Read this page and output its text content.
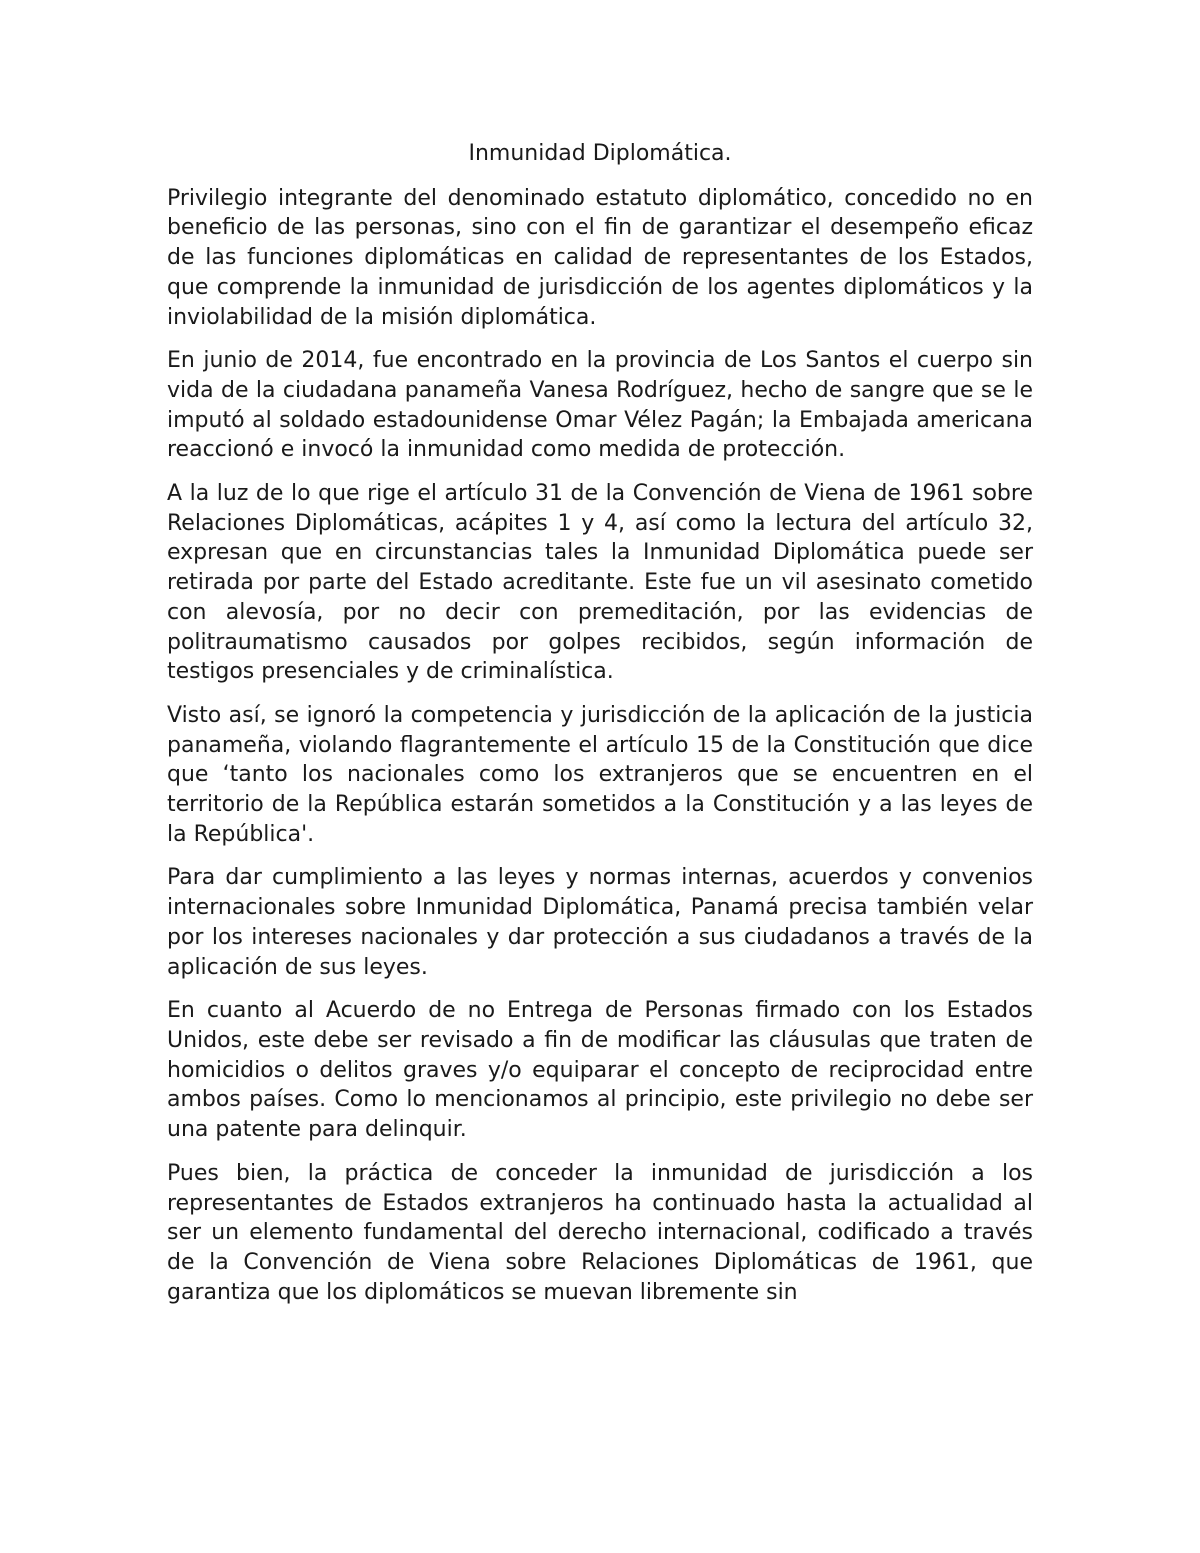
Inmunidad Diplomática.

Privilegio integrante del denominado estatuto diplomático, concedido no en beneficio de las personas, sino con el fin de garantizar el desempeño eficaz de las funciones diplomáticas en calidad de representantes de los Estados, que comprende la inmunidad de jurisdicción de los agentes diplomáticos y la inviolabilidad de la misión diplomática.

En junio de 2014, fue encontrado en la provincia de Los Santos el cuerpo sin vida de la ciudadana panameña Vanesa Rodríguez, hecho de sangre que se le imputó al soldado estadounidense Omar Vélez Pagán; la Embajada americana reaccionó e invocó la inmunidad como medida de protección.

A la luz de lo que rige el artículo 31 de la Convención de Viena de 1961 sobre Relaciones Diplomáticas, acápites 1 y 4, así como la lectura del artículo 32, expresan que en circunstancias tales la Inmunidad Diplomática puede ser retirada por parte del Estado acreditante. Este fue un vil asesinato cometido con alevosía, por no decir con premeditación, por las evidencias de politraumatismo causados por golpes recibidos, según información de testigos presenciales y de criminalística.

Visto así, se ignoró la competencia y jurisdicción de la aplicación de la justicia panameña, violando flagrantemente el artículo 15 de la Constitución que dice que ‘tanto los nacionales como los extranjeros que se encuentren en el territorio de la República estarán sometidos a la Constitución y a las leyes de la República'.

Para dar cumplimiento a las leyes y normas internas, acuerdos y convenios internacionales sobre Inmunidad Diplomática, Panamá precisa también velar por los intereses nacionales y dar protección a sus ciudadanos a través de la aplicación de sus leyes.

En cuanto al Acuerdo de no Entrega de Personas firmado con los Estados Unidos, este debe ser revisado a fin de modificar las cláusulas que traten de homicidios o delitos graves y/o equiparar el concepto de reciprocidad entre ambos países. Como lo mencionamos al principio, este privilegio no debe ser una patente para delinquir.

Pues bien, la práctica de conceder la inmunidad de jurisdicción a los representantes de Estados extranjeros ha continuado hasta la actualidad al ser un elemento fundamental del derecho internacional, codificado a través de la Convención de Viena sobre Relaciones Diplomáticas de 1961, que garantiza que los diplomáticos se muevan libremente sin
